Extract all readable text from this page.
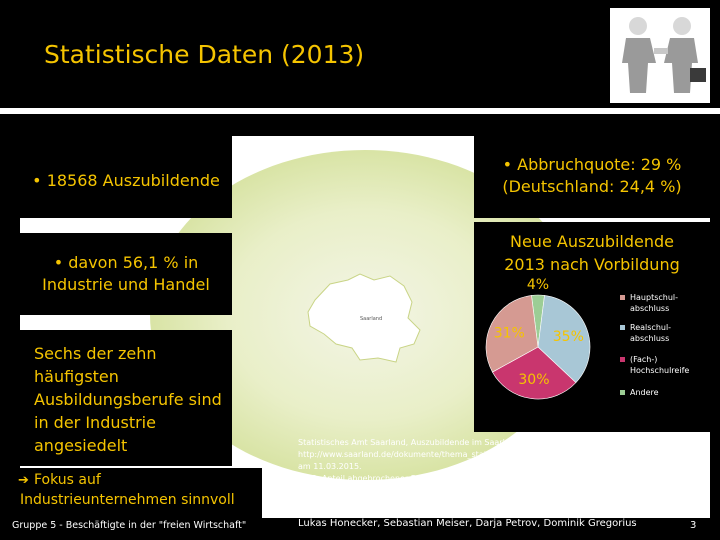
Statistische Daten (2013)
• 18568 Auszubildende
• davon 56,1 % in Industrie und Handel
Sechs der zehn häufigsten Ausbildungsberufe sind in der Industrie angesiedelt
➔ Fokus auf Industrieunternehmen sinnvoll
• Abbruchquote: 29 % (Deutschland: 24,4 %)
Neue Auszubildende 2013 nach Vorbildung
Saarland
4%
35%
30%
31%
Hauptschul-abschluss
Realschul-abschluss
(Fach-) Hochschulreife
Andere
Statistisches Amt Saarland, Auszubildende im Saarland 2013, in: http://www.saarland.de/dokumente/thema_statistik/STALA_BER_BII5-J-13.pdf, abgerufen am 11.03.2015.
BIBB, Anteil abgebrochener Berufsausbildungen nach Bundesländern im Jahr 2011, in: http://de.statista.com/statistik/daten/studie/252052/umfrage/anteil-abgebrochener-ausbildungen-in-deutschland-nach-bundeslaendern/, abgerufen am 11.03.2015.
Gruppe 5 - Beschäftigte in der "freien Wirtschaft"	Lukas Honecker, Sebastian Meiser, Darja Petrov, Dominik Gregorius	3
